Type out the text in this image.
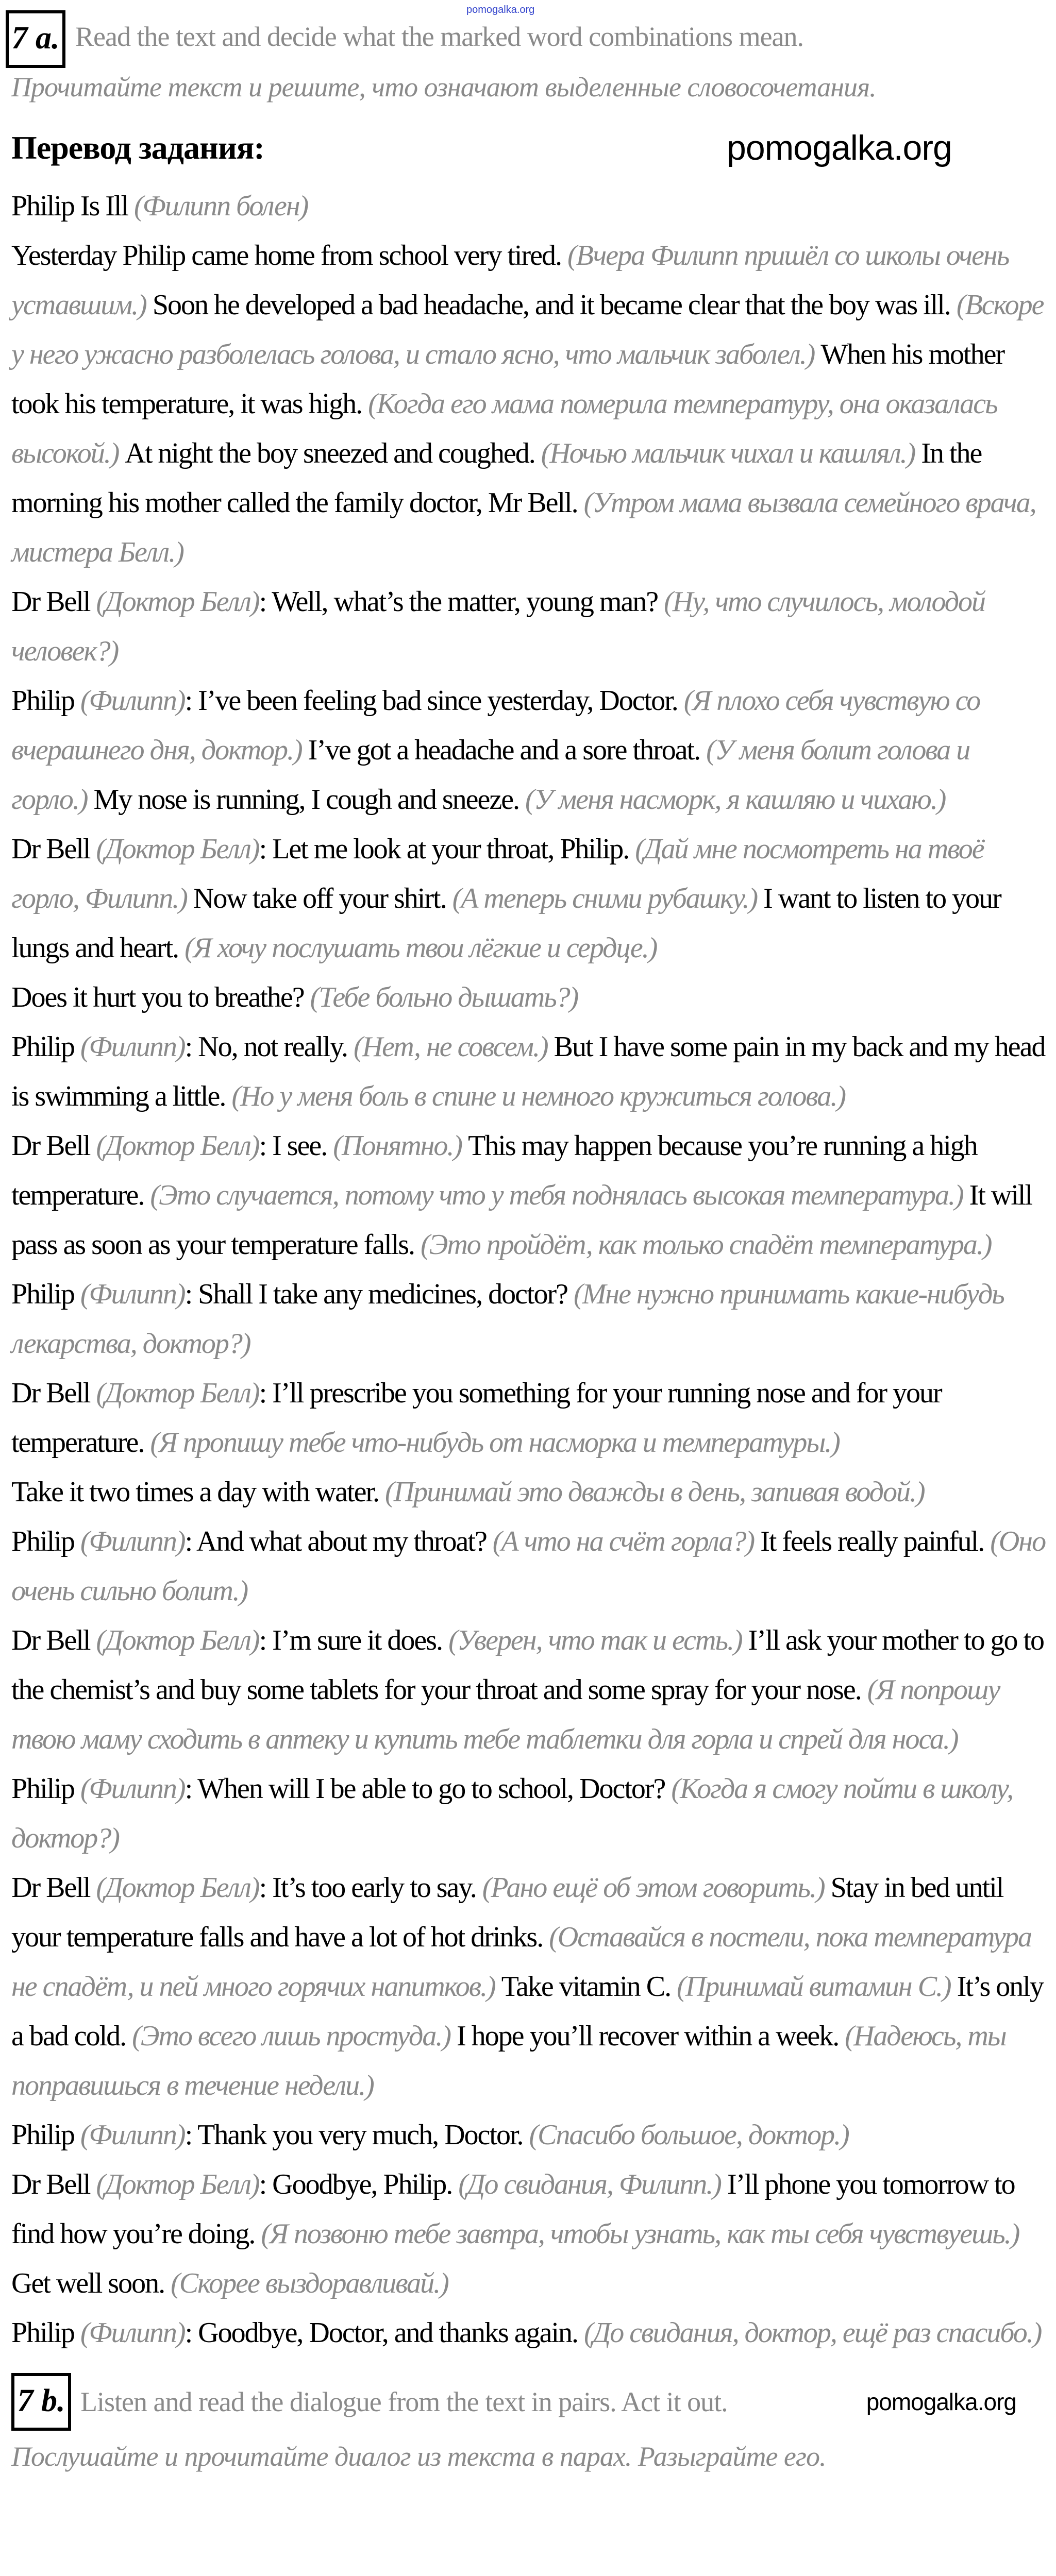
pomogalka.org
7 a. Read the text and decide what the marked word combinations mean.
Прочитайте текст и решите, что означают выделенные словосочетания.
Перевод задания:	pomogalka.org

Philip Is Ill (Филипп болен)

Yesterday Philip came home from school very tired. (Вчера Филипп пришёл со школы очень уставшим.) Soon he developed a bad headache, and it became clear that the boy was ill. (Вскоре у него ужасно разболелась голова, и стало ясно, что мальчик заболел.) When his mother took his temperature, it was high. (Когда его мама померила температуру, она оказалась высокой.) At night the boy sneezed and coughed. (Ночью мальчик чихал и кашлял.) In the morning his mother called the family doctor, Mr Bell. (Утром мама вызвала семейного врача, мистера Белл.)

Dr Bell (Доктор Белл): Well, what’s the matter, young man? (Ну, что случилось, молодой человек?)

Philip (Филипп): I’ve been feeling bad since yesterday, Doctor. (Я плохо себя чувствую со вчерашнего дня, доктор.) I’ve got a headache and a sore throat. (У меня болит голова и горло.) My nose is running, I cough and sneeze. (У меня насморк, я кашляю и чихаю.)

Dr Bell (Доктор Белл): Let me look at your throat, Philip. (Дай мне посмотреть на твоё горло, Филипп.) Now take off your shirt. (А теперь сними рубашку.) I want to listen to your lungs and heart. (Я хочу послушать твои лёгкие и сердце.)

Does it hurt you to breathe? (Тебе больно дышать?)

Philip (Филипп): No, not really. (Нет, не совсем.) But I have some pain in my back and my head is swimming a little. (Но у меня боль в спине и немного кружиться голова.)

Dr Bell (Доктор Белл): I see. (Понятно.) This may happen because you’re running a high temperature. (Это случается, потому что у тебя поднялась высокая температура.) It will pass as soon as your temperature falls. (Это пройдёт, как только спадёт температура.)

Philip (Филипп): Shall I take any medicines, doctor? (Мне нужно принимать какие-нибудь лекарства, доктор?)

Dr Bell (Доктор Белл): I’ll prescribe you something for your running nose and for your temperature. (Я пропишу тебе что-нибудь от насморка и температуры.)

Take it two times a day with water. (Принимай это дважды в день, запивая водой.)

Philip (Филипп): And what about my throat? (А что на счёт горла?) It feels really painful. (Оно очень сильно болит.)

Dr Bell (Доктор Белл): I’m sure it does. (Уверен, что так и есть.) I’ll ask your mother to go to the chemist’s and buy some tablets for your throat and some spray for your nose. (Я попрошу твою маму сходить в аптеку и купить тебе таблетки для горла и спрей для носа.)

Philip (Филипп): When will I be able to go to school, Doctor? (Когда я смогу пойти в школу, доктор?)

Dr Bell (Доктор Белл): It’s too early to say. (Рано ещё об этом говорить.) Stay in bed until your temperature falls and have a lot of hot drinks. (Оставайся в постели, пока температура не спадёт, и пей много горячих напитков.) Take vitamin C. (Принимай витамин С.) It’s only a bad cold. (Это всего лишь простуда.) I hope you’ll recover within a week. (Надеюсь, ты поправишься в течение недели.)

Philip (Филипп): Thank you very much, Doctor. (Спасибо большое, доктор.)

Dr Bell (Доктор Белл): Goodbye, Philip. (До свидания, Филипп.) I’ll phone you tomorrow to find how you’re doing. (Я позвоню тебе завтра, чтобы узнать, как ты себя чувствуешь.) Get well soon. (Скорее выздоравливай.)

Philip (Филипп): Goodbye, Doctor, and thanks again. (До свидания, доктор, ещё раз спасибо.)

7 b. Listen and read the dialogue from the text in pairs. Act it out.	pomogalka.org
Послушайте и прочитайте диалог из текста в парах. Разыграйте его.
